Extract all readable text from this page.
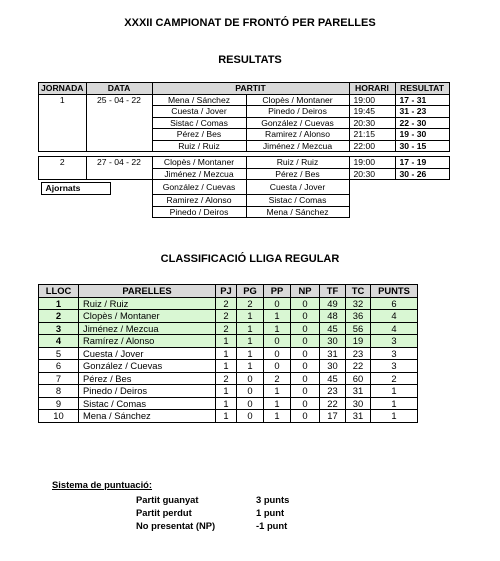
XXXII CAMPIONAT DE FRONTÓ PER PARELLES
RESULTATS
JORNADA	DATA	PARTIT		HORARI	RESULTAT
1	25 - 04 - 22	Mena / Sánchez	Clopès / Montaner	19:00	17 - 31
		Cuesta / Jover	Pinedo / Deiros	19:45	31 - 23
		Sistac / Comas	González / Cuevas	20:30	22 - 30
		Pérez / Bes	Ramirez / Alonso	21:15	19 - 30
		Ruiz / Ruiz	Jiménez / Mezcua	22:00	30 - 15

2	27 - 04 - 22	Clopès / Montaner	Ruiz / Ruiz	19:00	17 - 19
		Jiménez / Mezcua	Pérez / Bes	20:30	30 - 26

Ajornats		González / Cuevas	Cuesta / Jover		
		Ramirez / Alonso	Sistac / Comas		
		Pinedo / Deiros	Mena / Sánchez		
CLASSIFICACIÓ LLIGA REGULAR
LLOC	PARELLES	PJ	PG	PP	NP	TF	TC	PUNTS
1	Ruiz / Ruiz	2	2	0	0	49	32	6
2	Clopès / Montaner	2	1	1	0	48	36	4
3	Jiménez / Mezcua	2	1	1	0	45	56	4
4	Ramírez / Alonso	1	1	0	0	30	19	3
5	Cuesta / Jover	1	1	0	0	31	23	3
6	González / Cuevas	1	1	0	0	30	22	3
7	Pérez / Bes	2	0	2	0	45	60	2
8	Pinedo / Deiros	1	0	1	0	23	31	1
9	Sistac / Comas	1	0	1	0	22	30	1
10	Mena / Sánchez	1	0	1	0	17	31	1
Sistema de puntuació:
Partit guanyat	3 punts
Partit perdut	1 punt
No presentat (NP)	-1 punt
